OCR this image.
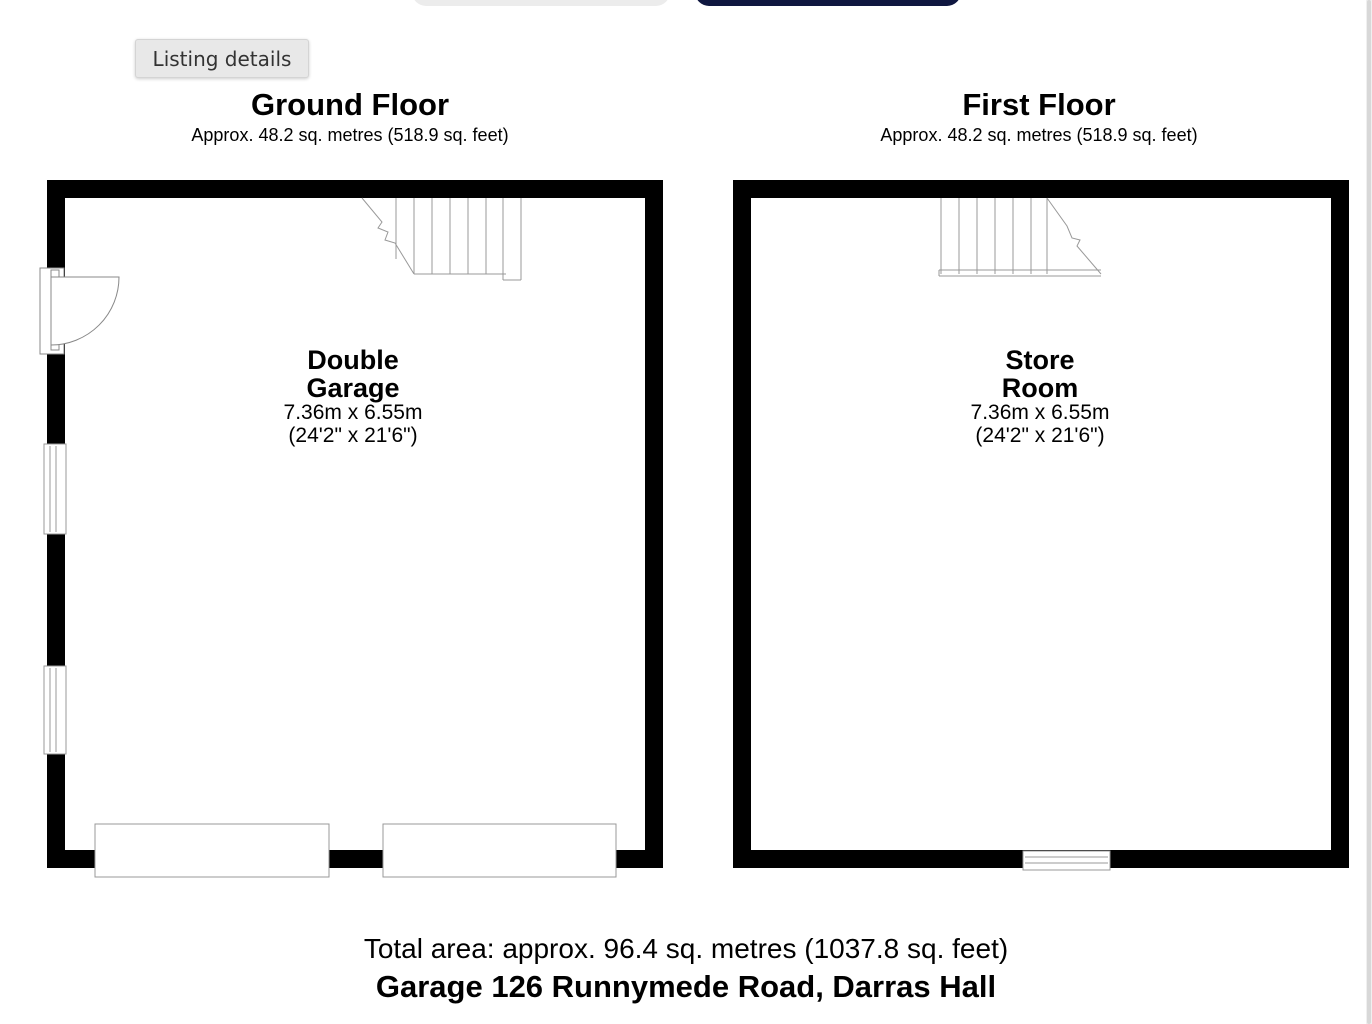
Listing details
Ground Floor
Approx. 48.2 sq. metres (518.9 sq. feet)
First Floor
Approx. 48.2 sq. metres (518.9 sq. feet)
Double
Garage
7.36m x 6.55m
(24'2" x 21'6")
Store
Room
7.36m x 6.55m
(24'2" x 21'6")
Total area: approx. 96.4 sq. metres (1037.8 sq. feet)
Garage 126 Runnymede Road, Darras Hall
